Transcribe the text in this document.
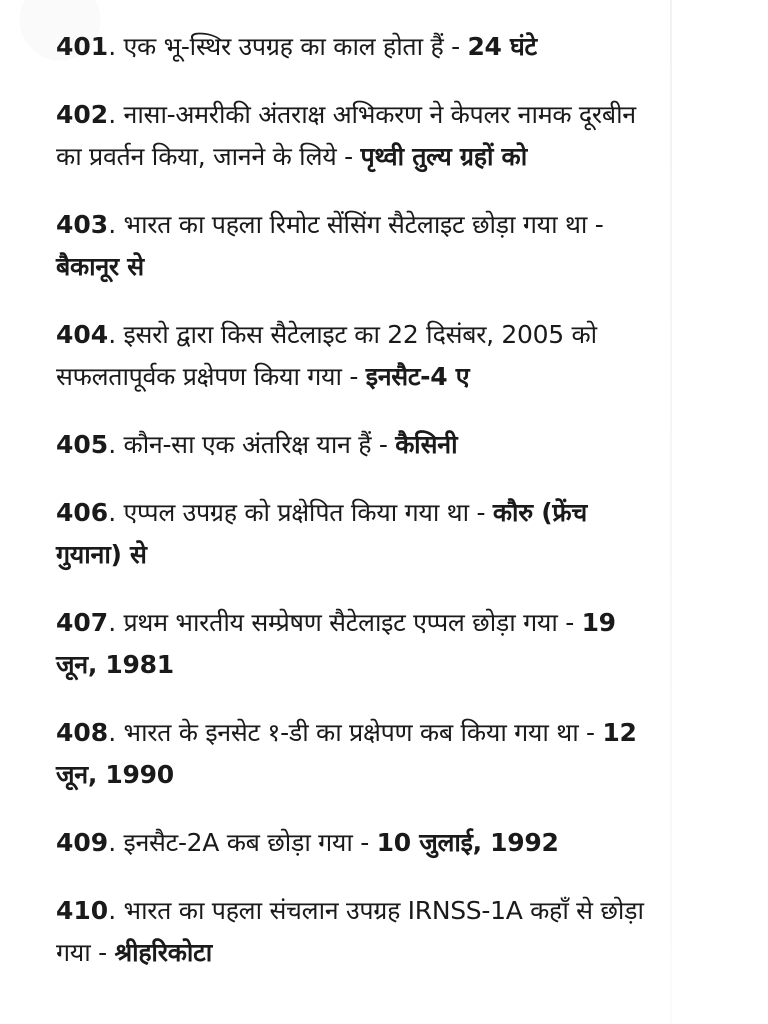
401. एक भू-स्थिर उपग्रह का काल होता हैं - 24 घंटे
402. नासा-अमरीकी अंतराक्ष अभिकरण ने केपलर नामक दूरबीन का प्रवर्तन किया, जानने के लिये - पृथ्वी तुल्य ग्रहों को
403. भारत का पहला रिमोट सेंसिंग सैटेलाइट छोड़ा गया था - बैकानूर से
404. इसरो द्वारा किस सैटेलाइट का 22 दिसंबर, 2005 को सफलतापूर्वक प्रक्षेपण किया गया - इनसैट-4 ए
405. कौन-सा एक अंतरिक्ष यान हैं - कैसिनी
406. एप्पल उपग्रह को प्रक्षेपित किया गया था - कौरु (फ्रेंच गुयाना) से
407. प्रथम भारतीय सम्प्रेषण सैटेलाइट एप्पल छोड़ा गया - 19 जून, 1981
408. भारत के इनसेट १-डी का प्रक्षेपण कब किया गया था - 12 जून, 1990
409. इनसैट-2A कब छोड़ा गया - 10 जुलाई, 1992
410. भारत का पहला संचलान उपग्रह IRNSS-1A कहाँ से छोड़ा गया - श्रीहरिकोटा
